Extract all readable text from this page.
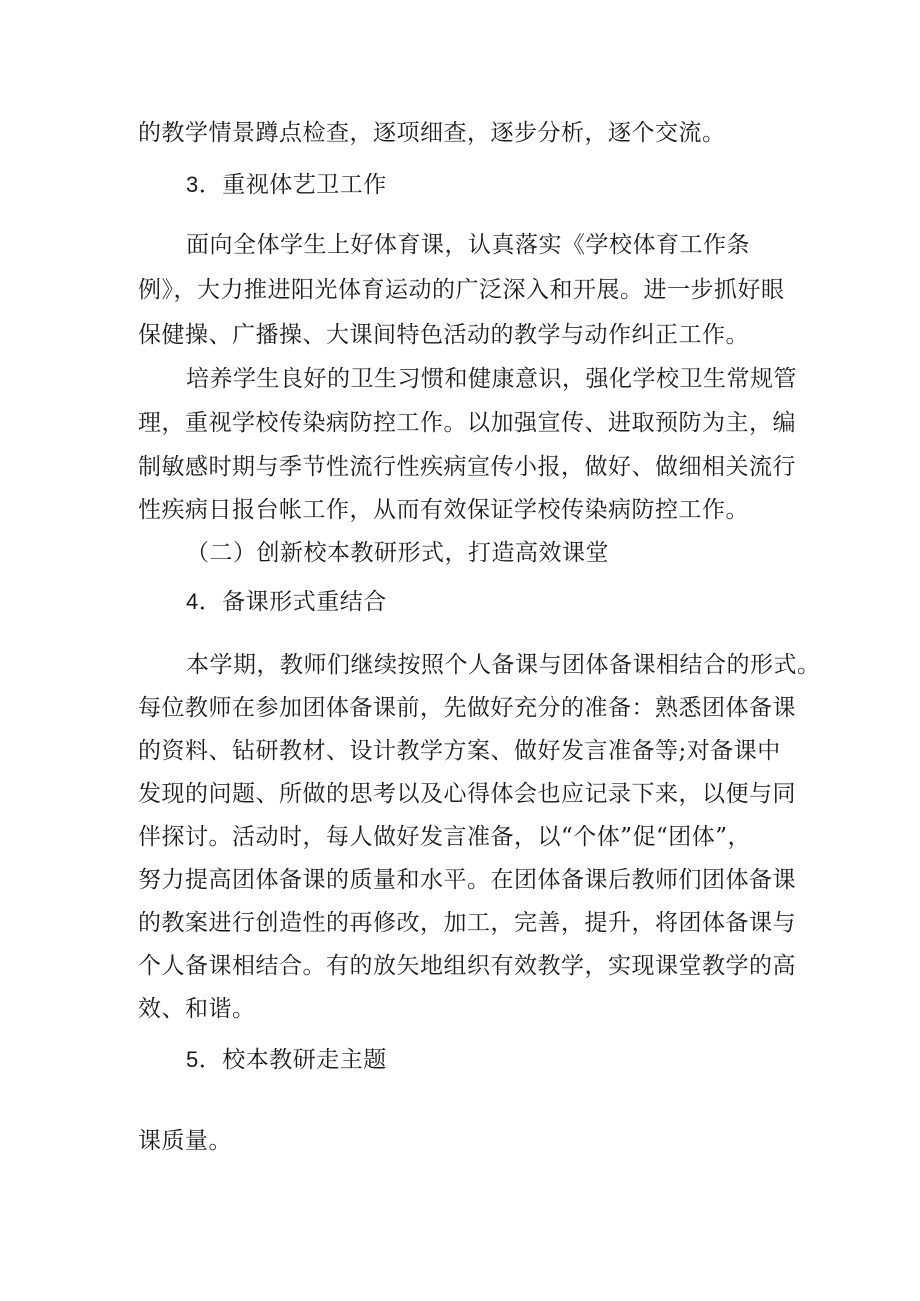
的教学情景蹲点检查，逐项细查，逐步分析，逐个交流。
3．重视体艺卫工作
面向全体学生上好体育课，认真落实《学校体育工作条
例》，大力推进阳光体育运动的广泛深入和开展。进一步抓好眼
保健操、广播操、大课间特色活动的教学与动作纠正工作。
培养学生良好的卫生习惯和健康意识，强化学校卫生常规管
理，重视学校传染病防控工作。以加强宣传、进取预防为主，编
制敏感时期与季节性流行性疾病宣传小报，做好、做细相关流行
性疾病日报台帐工作，从而有效保证学校传染病防控工作。
（二）创新校本教研形式，打造高效课堂
4．备课形式重结合
本学期，教师们继续按照个人备课与团体备课相结合的形式。
每位教师在参加团体备课前，先做好充分的准备：熟悉团体备课
的资料、钻研教材、设计教学方案、做好发言准备等;对备课中
发现的问题、所做的思考以及心得体会也应记录下来，以便与同
伴探讨。活动时，每人做好发言准备，以“个体”促“团体”，
努力提高团体备课的质量和水平。在团体备课后教师们团体备课
的教案进行创造性的再修改，加工，完善，提升，将团体备课与
个人备课相结合。有的放矢地组织有效教学，实现课堂教学的高
效、和谐。
5．校本教研走主题
课质量。
